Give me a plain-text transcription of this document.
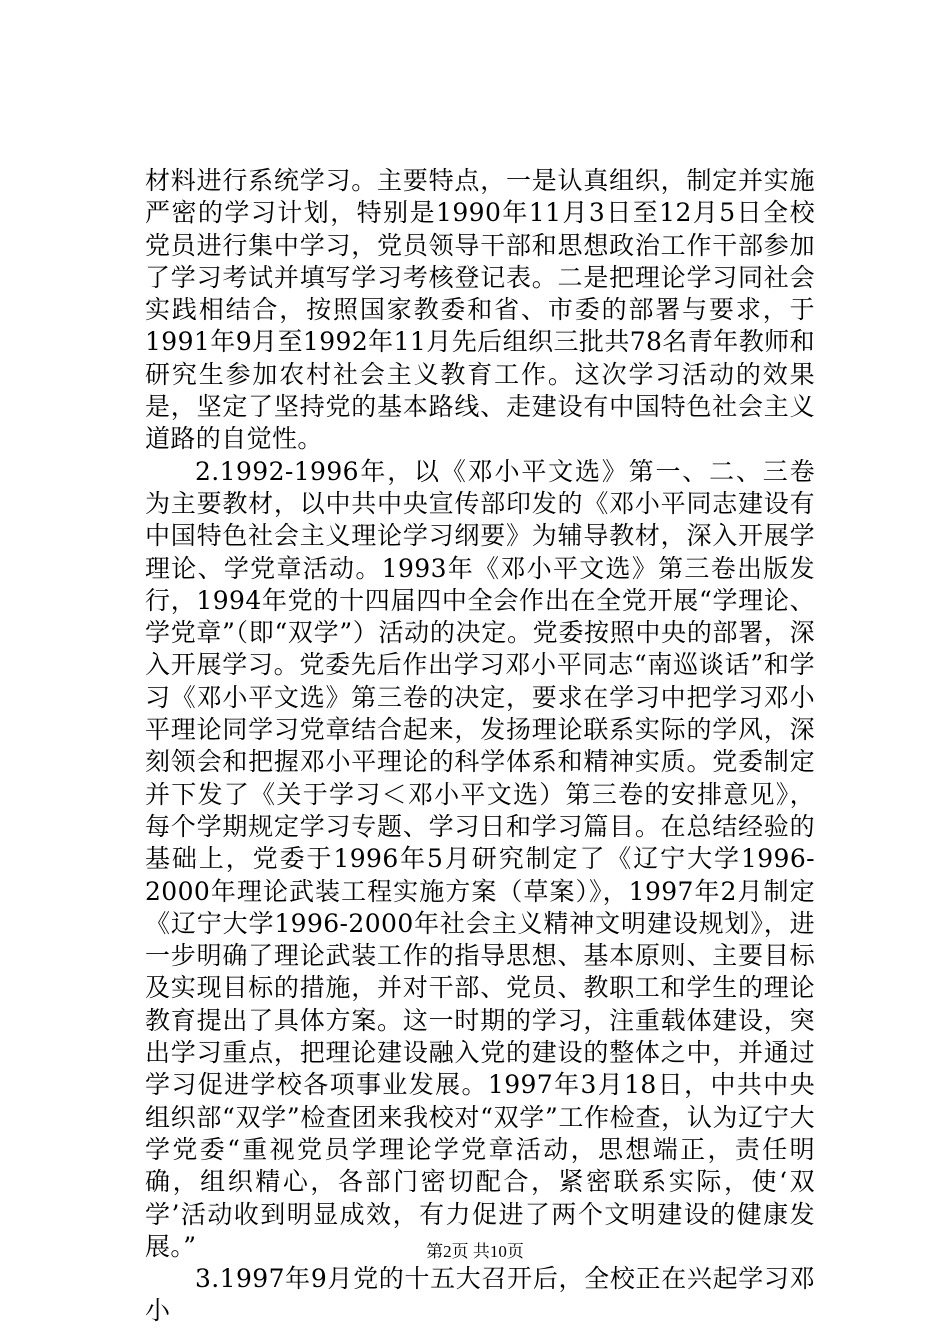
材料进行系统学习。主要特点，一是认真组织，制定并实施严密的学习计划，特别是1990年11月3日至12月5日全校党员进行集中学习，党员领导干部和思想政治工作干部参加了学习考试并填写学习考核登记表。二是把理论学习同社会实践相结合，按照国家教委和省、市委的部署与要求，于1991年9月至1992年11月先后组织三批共78名青年教师和研究生参加农村社会主义教育工作。这次学习活动的效果是，坚定了坚持党的基本路线、走建设有中国特色社会主义道路的自觉性。

2.1992-1996年，以《邓小平文选》第一、二、三卷为主要教材，以中共中央宣传部印发的《邓小平同志建设有中国特色社会主义理论学习纲要》为辅导教材，深入开展学理论、学党章活动。1993年《邓小平文选》第三卷出版发行，1994年党的十四届四中全会作出在全党开展“学理论、学党章”（即“双学”）活动的决定。党委按照中央的部署，深入开展学习。党委先后作出学习邓小平同志“南巡谈话”和学习《邓小平文选》第三卷的决定，要求在学习中把学习邓小平理论同学习党章结合起来，发扬理论联系实际的学风，深刻领会和把握邓小平理论的科学体系和精神实质。党委制定并下发了《关于学习＜邓小平文选）第三卷的安排意见》，每个学期规定学习专题、学习日和学习篇目。在总结经验的基础上，党委于1996年5月研究制定了《辽宁大学1996-2000年理论武装工程实施方案（草案）》，1997年2月制定《辽宁大学1996-2000年社会主义精神文明建设规划》，进一步明确了理论武装工作的指导思想、基本原则、主要目标及实现目标的措施，并对干部、党员、教职工和学生的理论教育提出了具体方案。这一时期的学习，注重载体建设，突出学习重点，把理论建设融入党的建设的整体之中，并通过学习促进学校各项事业发展。1997年3月18日，中共中央组织部“双学”检查团来我校对“双学”工作检查，认为辽宁大学党委“重视党员学理论学党章活动，思想端正，责任明确，组织精心，各部门密切配合，紧密联系实际，使‘双学’活动收到明显成效，有力促进了两个文明建设的健康发展。”

3.1997年9月党的十五大召开后，全校正在兴起学习邓小

第2页 共10页
